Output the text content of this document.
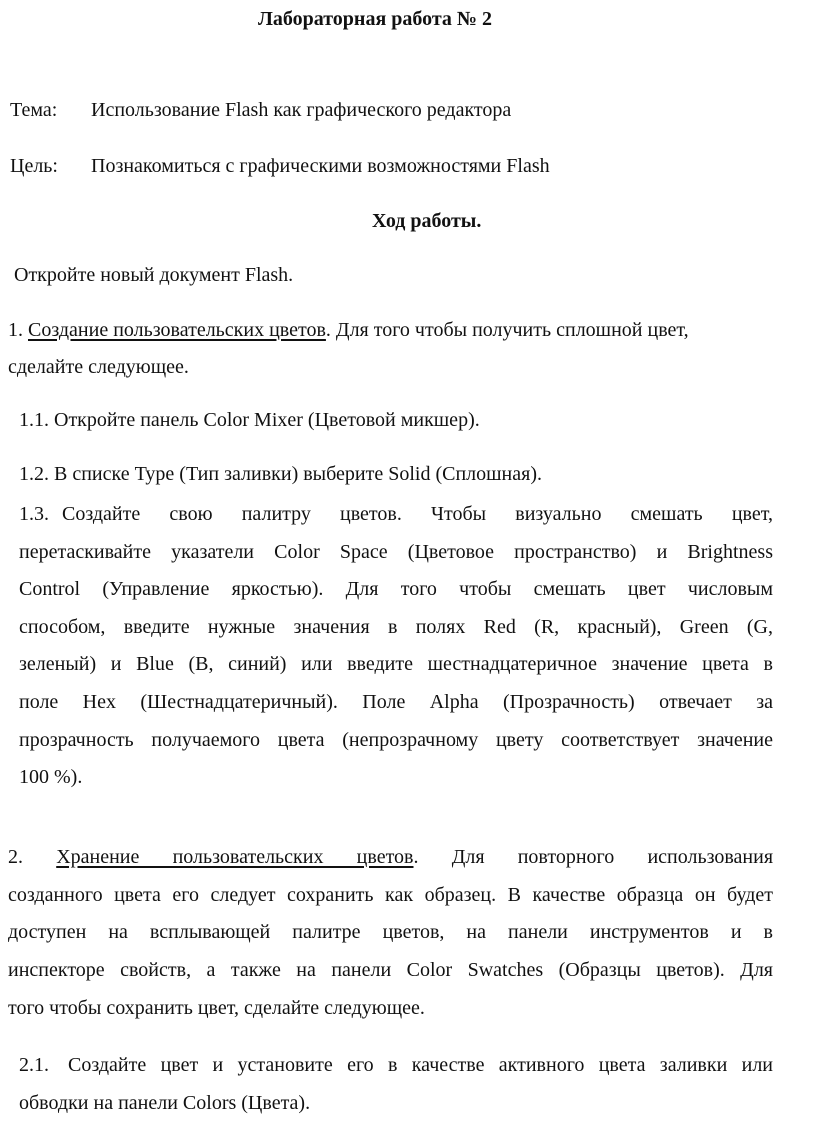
Лабораторная работа № 2
Тема: Использование Flash как графического редактора
Цель: Познакомиться с графическими возможностями Flash
Ход работы.
Откройте новый документ Flash.
1. Создание пользовательских цветов. Для того чтобы получить сплошной цвет,
сделайте следующее.
1.1. Откройте панель Color Mixer (Цветовой микшер).
1.2. В списке Type (Тип заливки) выберите Solid (Сплошная).
1.3. Создайте свою палитру цветов. Чтобы визуально смешать цвет,
перетаскивайте указатели Color Space (Цветовое пространство) и Brightness
Control (Управление яркостью). Для того чтобы смешать цвет числовым
способом, введите нужные значения в полях Red (R, красный), Green (G,
зеленый) и Blue (B, синий) или введите шестнадцатеричное значение цвета в
поле Hex (Шестнадцатеричный). Поле Alpha (Прозрачность) отвечает за
прозрачность получаемого цвета (непрозрачному цвету соответствует значение
100 %).
2. Хранение пользовательских цветов. Для повторного использования
созданного цвета его следует сохранить как образец. В качестве образца он будет
доступен на всплывающей палитре цветов, на панели инструментов и в
инспекторе свойств, а также на панели Color Swatches (Образцы цветов). Для
того чтобы сохранить цвет, сделайте следующее.
2.1. Создайте цвет и установите его в качестве активного цвета заливки или
обводки на панели Colors (Цвета).
